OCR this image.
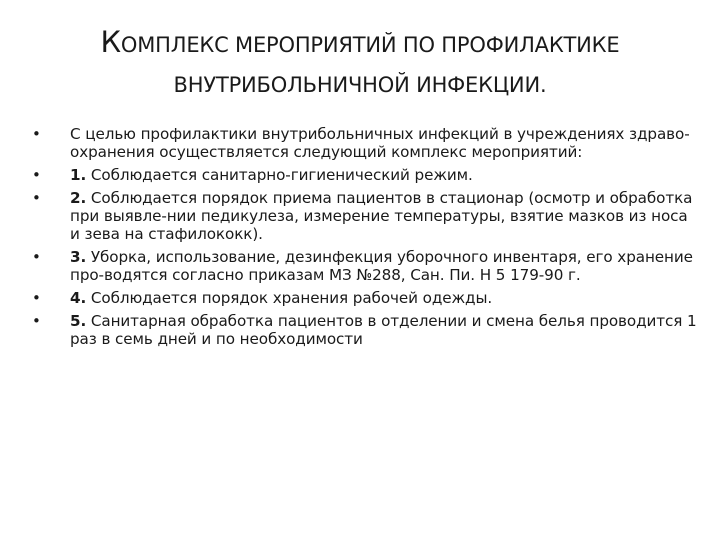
КОМПЛЕКС МЕРОПРИЯТИЙ ПО ПРОФИЛАКТИКЕ
ВНУТРИБОЛЬНИЧНОЙ ИНФЕКЦИИ.
•	С целью профилактики внутрибольничных инфекций в учреждениях здраво-охранения осуществляется следующий комплекс мероприятий:
•	1. Соблюдается санитарно-гигиенический режим.
•	2. Соблюдается порядок приема пациентов в стационар (осмотр и обработка при выявле-нии педикулеза, измерение температуры, взятие мазков из носа и зева на стафилококк).
•	3. Уборка, использование, дезинфекция уборочного инвентаря, его хранение про-водятся согласно приказам МЗ №288, Сан. Пи. Н 5 179-90 г.
•	4. Соблюдается порядок хранения рабочей одежды.
•	5. Санитарная обработка пациентов в отделении и смена белья проводится 1 раз в семь дней и по необходимости
